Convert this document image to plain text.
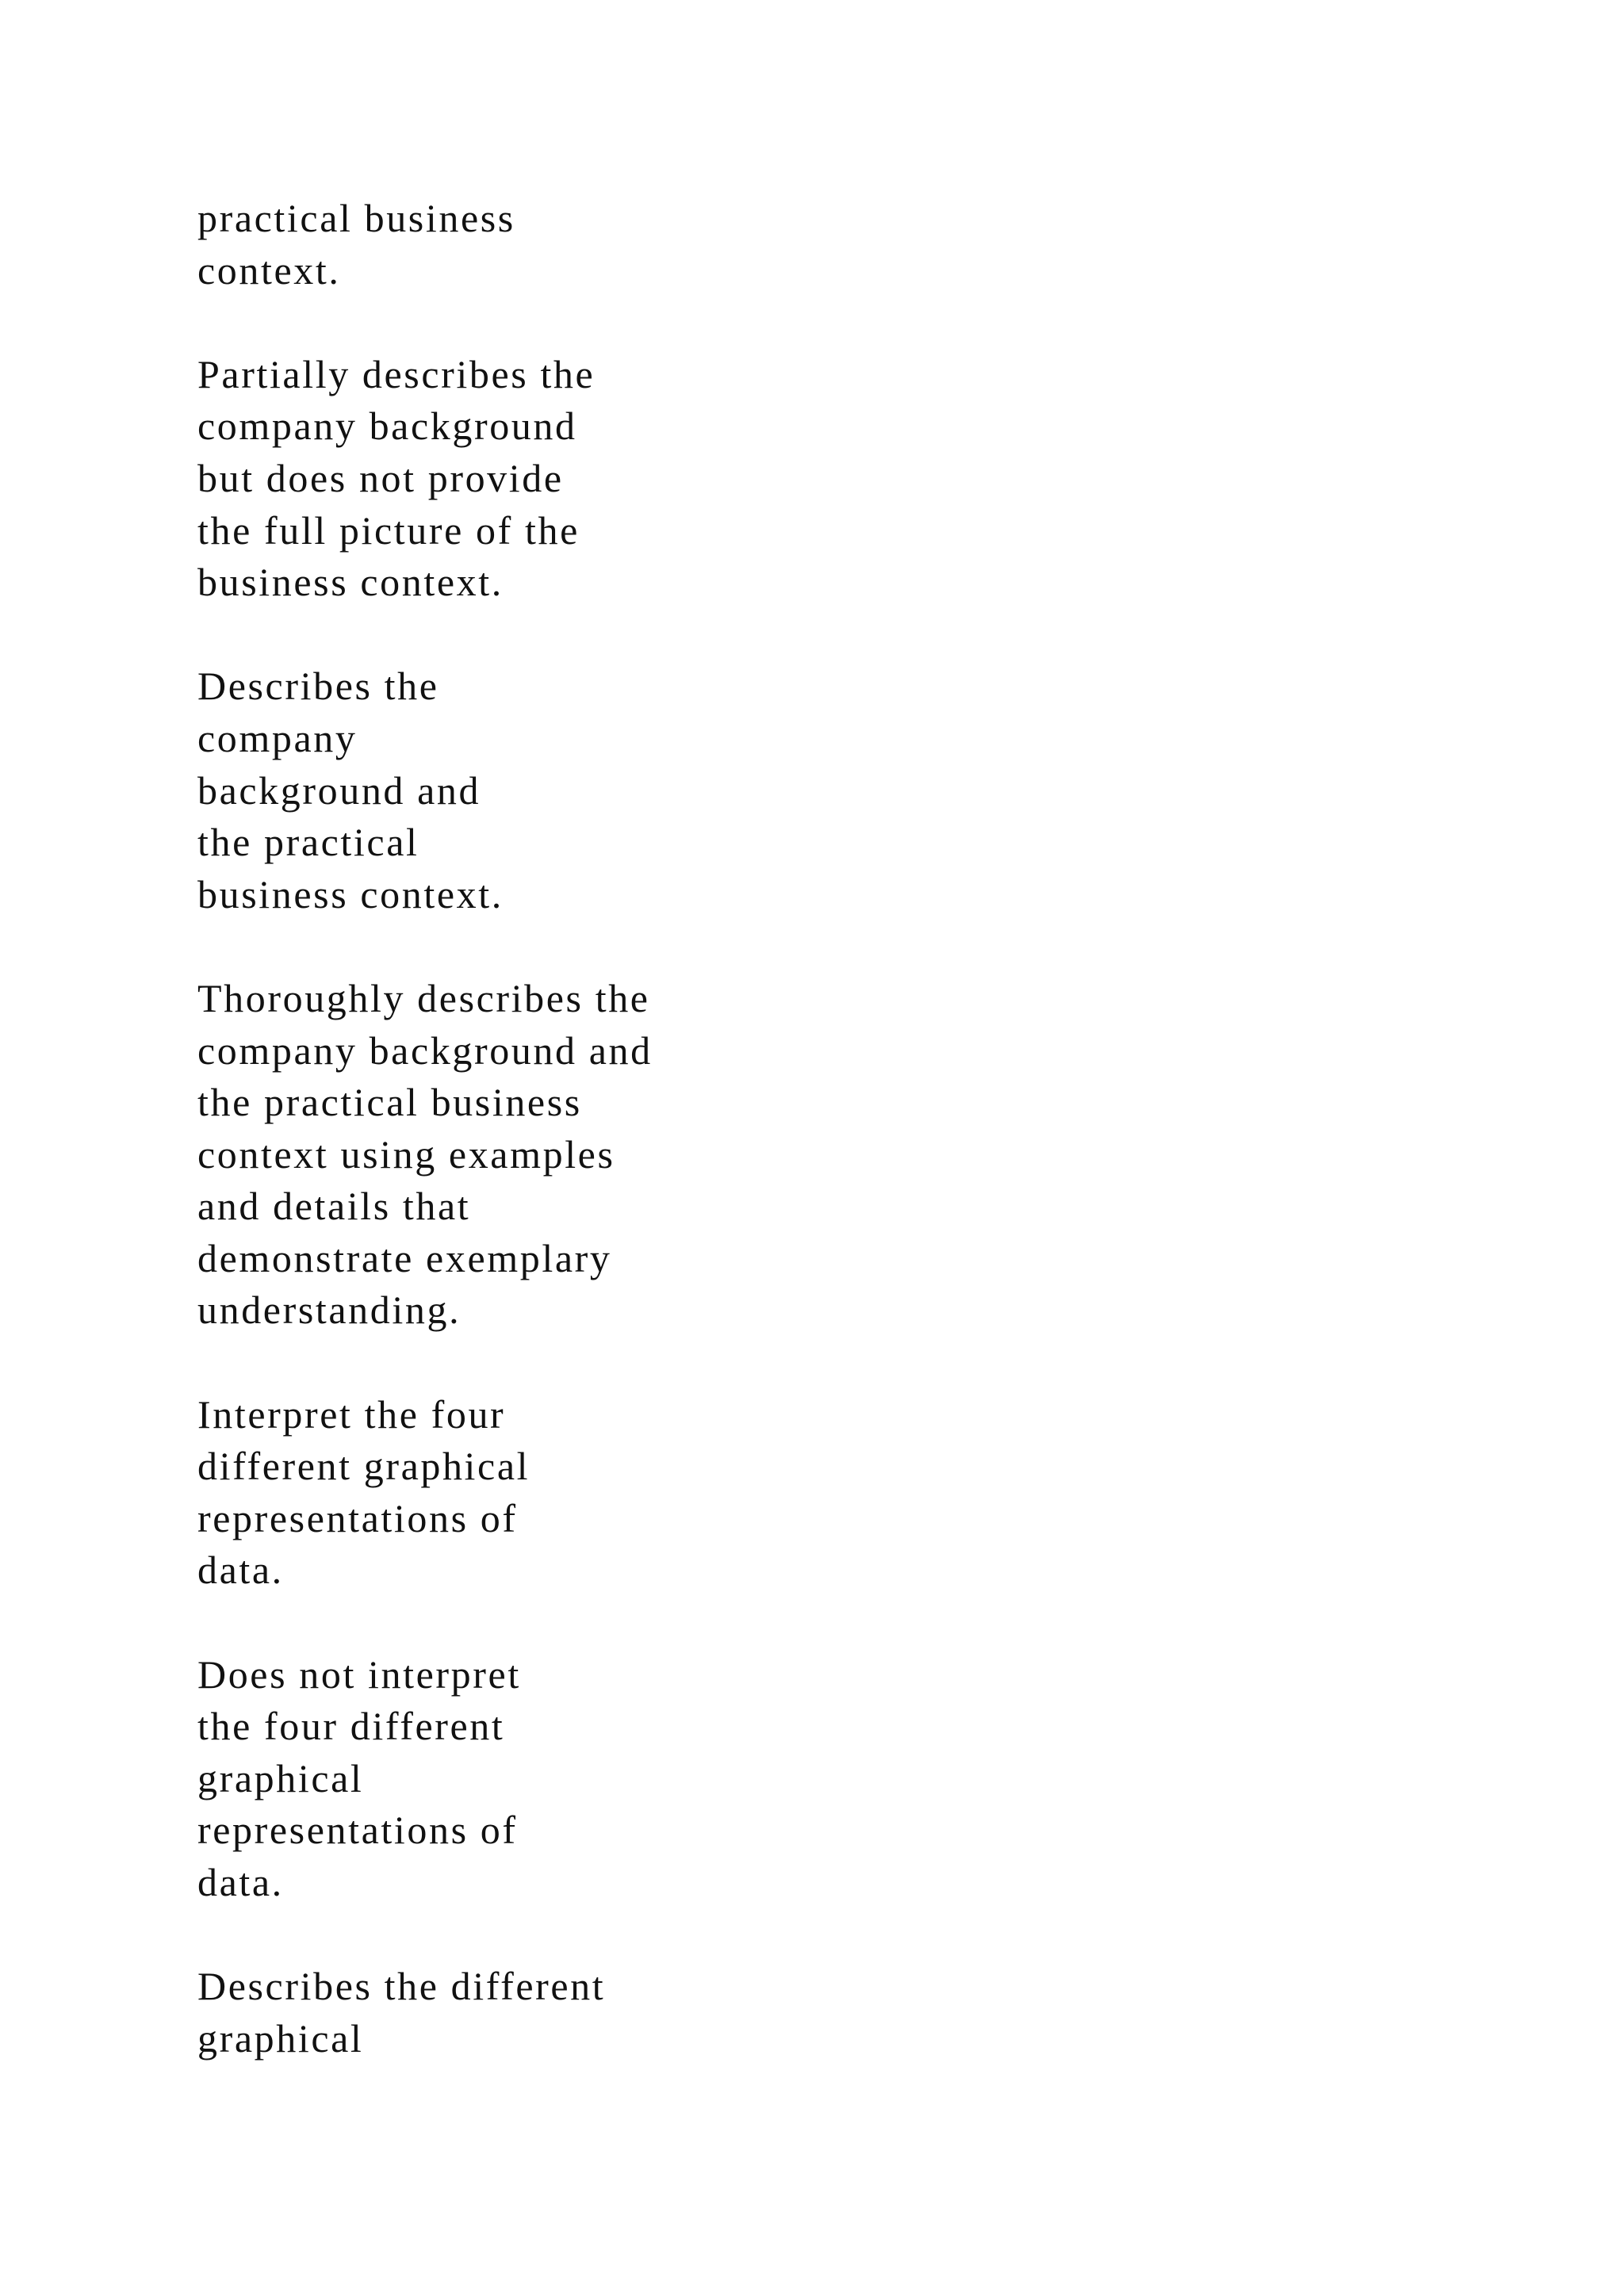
practical business
context.
Partially describes the
company background
but does not provide
the full picture of the
business context.
Describes the
company
background and
the practical
business context.
Thoroughly describes the
company background and
the practical business
context using examples
and details that
demonstrate exemplary
understanding.
Interpret the four
different graphical
representations of
data.
Does not interpret
the four different
graphical
representations of
data.
Describes the different
graphical
